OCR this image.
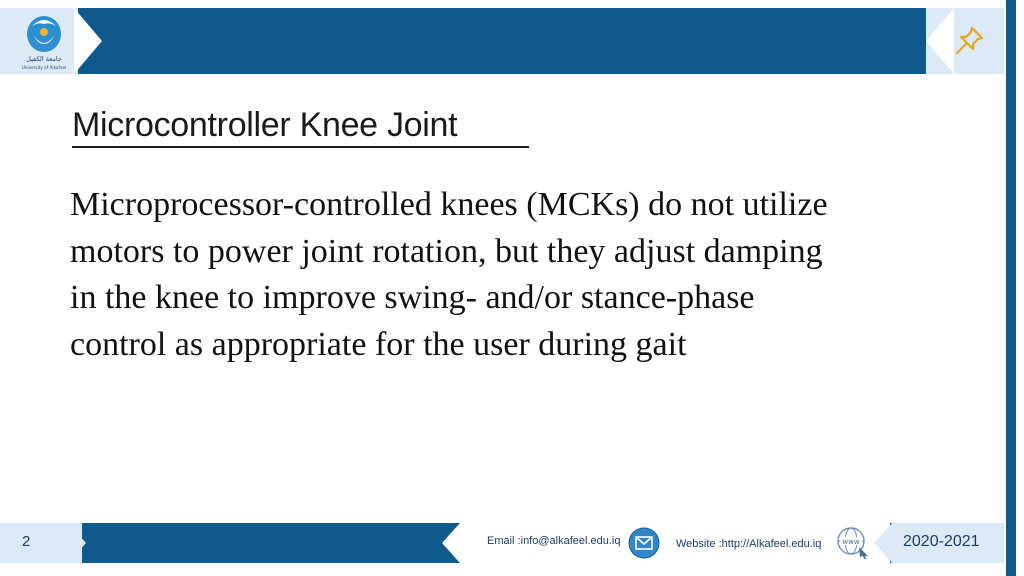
جامعة الكفيل
University of Alkafeel
Microcontroller Knee Joint
Microprocessor-controlled knees (MCKs) do not utilize
motors to power joint rotation, but they adjust damping
in the knee to improve swing- and/or stance-phase
control as appropriate for the user during gait
2	Email :info@alkafeel.edu.iq	Website :http://Alkafeel.edu.iq	www	2020-2021
